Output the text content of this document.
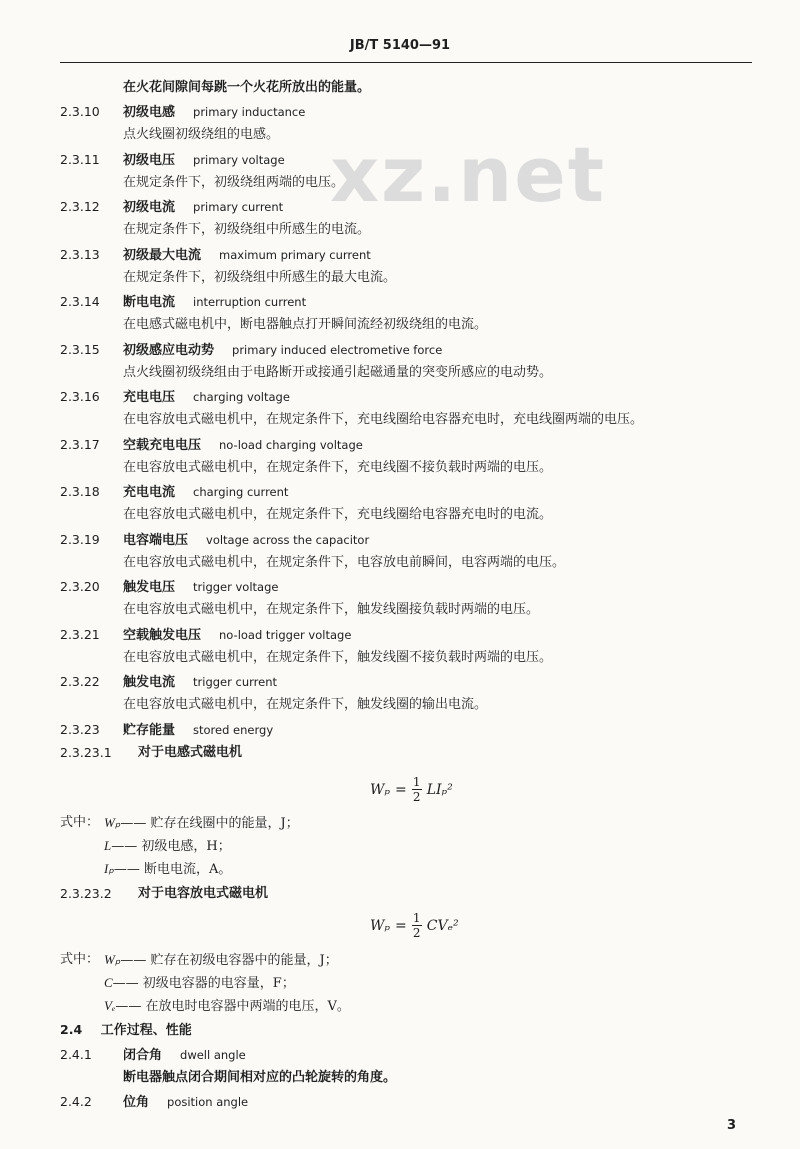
JB/T 5140—91
xz.net
在火花间隙间每跳一个火花所放出的能量。
2.3.10 初级电感 primary inductance
点火线圈初级绕组的电感。
2.3.11 初级电压 primary voltage
在规定条件下，初级绕组两端的电压。
2.3.12 初级电流 primary current
在规定条件下，初级绕组中所感生的电流。
2.3.13 初级最大电流 maximum primary current
在规定条件下，初级绕组中所感生的最大电流。
2.3.14 断电电流 interruption current
在电感式磁电机中，断电器触点打开瞬间流经初级绕组的电流。
2.3.15 初级感应电动势 primary induced electrometive force
点火线圈初级绕组由于电路断开或接通引起磁通量的突变所感应的电动势。
2.3.16 充电电压 charging voltage
在电容放电式磁电机中，在规定条件下，充电线圈给电容器充电时，充电线圈两端的电压。
2.3.17 空载充电电压 no-load charging voltage
在电容放电式磁电机中，在规定条件下，充电线圈不接负载时两端的电压。
2.3.18 充电电流 charging current
在电容放电式磁电机中，在规定条件下，充电线圈给电容器充电时的电流。
2.3.19 电容端电压 voltage across the capacitor
在电容放电式磁电机中，在规定条件下，电容放电前瞬间，电容两端的电压。
2.3.20 触发电压 trigger voltage
在电容放电式磁电机中，在规定条件下，触发线圈接负载时两端的电压。
2.3.21 空载触发电压 no-load trigger voltage
在电容放电式磁电机中，在规定条件下，触发线圈不接负载时两端的电压。
2.3.22 触发电流 trigger current
在电容放电式磁电机中，在规定条件下，触发线圈的输出电流。
2.3.23 贮存能量 stored energy
2.3.23.1 对于电感式磁电机
$W_p = \frac{1}{2} LI_p^2$
式中： Wₚ—— 贮存在线圈中的能量，J；
L—— 初级电感，H；
Iₚ—— 断电电流，A。
2.3.23.2 对于电容放电式磁电机
$W_p = \frac{1}{2} CV_e^2$
式中： Wₚ—— 贮存在初级电容器中的能量，J；
C—— 初级电容器的电容量，F；
Vₑ—— 在放电时电容器中两端的电压，V。
2.4 工作过程、性能
2.4.1 闭合角 dwell angle
断电器触点闭合期间相对应的凸轮旋转的角度。
2.4.2 位角 position angle
3
